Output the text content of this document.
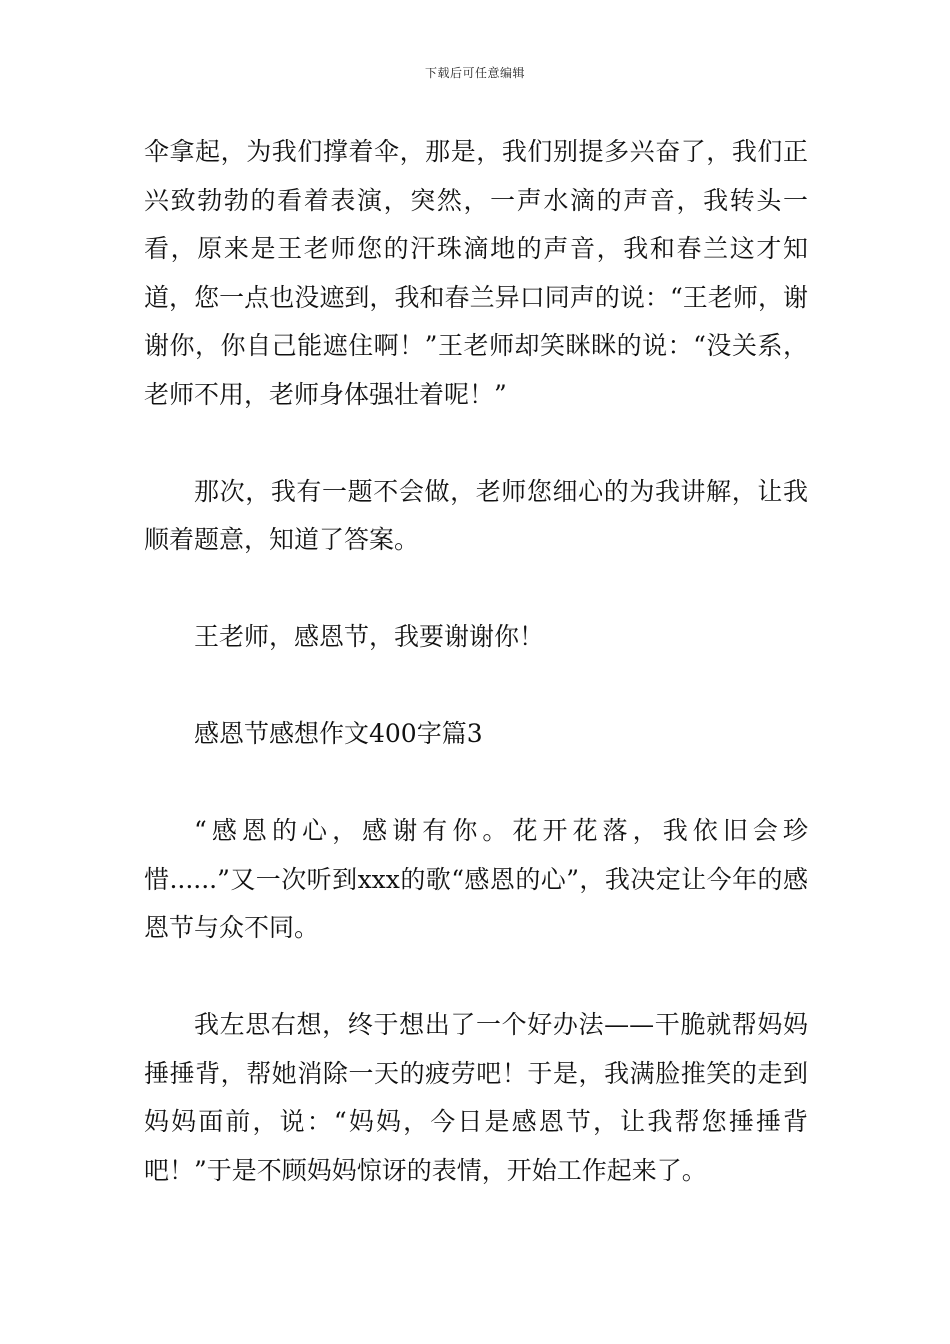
下载后可任意编辑

伞拿起，为我们撑着伞，那是，我们别提多兴奋了，我们正兴致勃勃的看着表演，突然，一声水滴的声音，我转头一看，原来是王老师您的汗珠滴地的声音，我和春兰这才知道，您一点也没遮到，我和春兰异口同声的说：“王老师，谢谢你，你自己能遮住啊！”王老师却笑眯眯的说：“没关系，老师不用，老师身体强壮着呢！”

那次，我有一题不会做，老师您细心的为我讲解，让我顺着题意，知道了答案。

王老师，感恩节，我要谢谢你！

感恩节感想作文400字篇3

“感恩的心，感谢有你。花开花落，我依旧会珍惜......”又一次听到xxx的歌“感恩的心”，我决定让今年的感恩节与众不同。

我左思右想，终于想出了一个好办法——干脆就帮妈妈捶捶背，帮她消除一天的疲劳吧！于是，我满脸推笑的走到妈妈面前，说：“妈妈，今日是感恩节，让我帮您捶捶背吧！”于是不顾妈妈惊讶的表情，开始工作起来了。
